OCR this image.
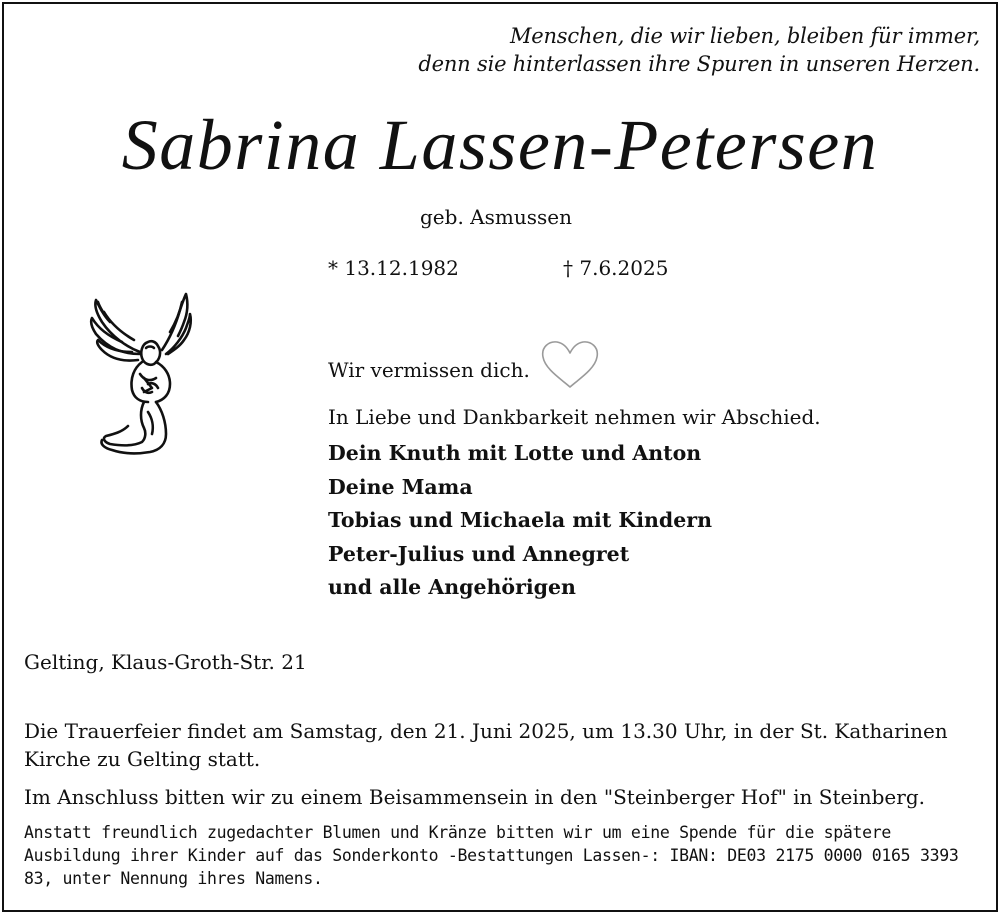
Menschen, die wir lieben, bleiben für immer,
denn sie hinterlassen ihre Spuren in unseren Herzen.
Sabrina Lassen-Petersen
geb. Asmussen
* 13.12.1982	† 7.6.2025
Wir vermissen dich.
In Liebe und Dankbarkeit nehmen wir Abschied.
Dein Knuth mit Lotte und Anton
Deine Mama
Tobias und Michaela mit Kindern
Peter-Julius und Annegret
und alle Angehörigen
Gelting, Klaus-Groth-Str. 21
Die Trauerfeier findet am Samstag, den 21. Juni 2025, um 13.30 Uhr, in der St. Katharinen Kirche zu Gelting statt.
Im Anschluss bitten wir zu einem Beisammensein in den "Steinberger Hof" in Steinberg.
Anstatt freundlich zugedachter Blumen und Kränze bitten wir um eine Spende für die spätere Ausbildung ihrer Kinder auf das Sonderkonto -Bestattungen Lassen-: IBAN: DE03 2175 0000 0165 3393 83, unter Nennung ihres Namens.
